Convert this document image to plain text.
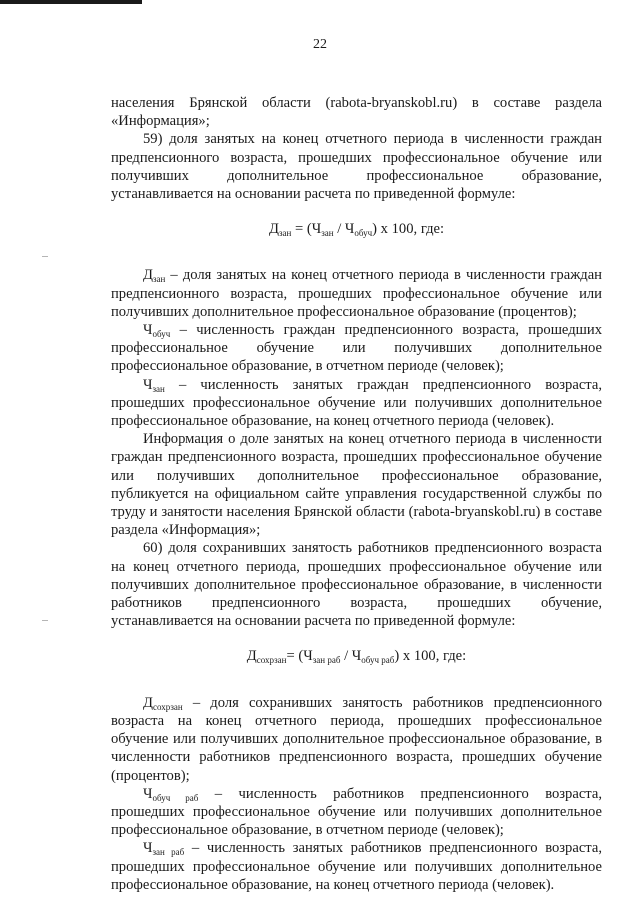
22

населения Брянской области (rabota-bryanskobl.ru) в составе раздела «Информация»;

59) доля занятых на конец отчетного периода в численности граждан предпенсионного возраста, прошедших профессиональное обучение или получивших дополнительное профессиональное образование, устанавливается на основании расчета по приведенной формуле:

$Д_{зан} = (Ч_{зан} / Ч_{обуч})$ x 100, где:

$Д_{зан}$ – доля занятых на конец отчетного периода в численности граждан предпенсионного возраста, прошедших профессиональное обучение или получивших дополнительное профессиональное образование (процентов);

$Ч_{обуч}$ – численность граждан предпенсионного возраста, прошедших профессиональное обучение или получивших дополнительное профессиональное образование, в отчетном периоде (человек);

$Ч_{зан}$ – численность занятых граждан предпенсионного возраста, прошедших профессиональное обучение или получивших дополнительное профессиональное образование, на конец отчетного периода (человек).

Информация о доле занятых на конец отчетного периода в численности граждан предпенсионного возраста, прошедших профессиональное обучение или получивших дополнительное профессиональное образование, публикуется на официальном сайте управления государственной службы по труду и занятости населения Брянской области (rabota-bryanskobl.ru) в составе раздела «Информация»;

60) доля сохранивших занятость работников предпенсионного возраста на конец отчетного периода, прошедших профессиональное обучение или получивших дополнительное профессиональное образование, в численности работников предпенсионного возраста, прошедших обучение, устанавливается на основании расчета по приведенной формуле:

$Д_{сохрзан}= (Ч_{зан раб} / Ч_{обуч раб})$ x 100, где:

$Д_{сохрзан}$ – доля сохранивших занятость работников предпенсионного возраста на конец отчетного периода, прошедших профессиональное обучение или получивших дополнительное профессиональное образование, в численности работников предпенсионного возраста, прошедших обучение (процентов);

$Ч_{обуч раб}$ – численность работников предпенсионного возраста, прошедших профессиональное обучение или получивших дополнительное профессиональное образование, в отчетном периоде (человек);

$Ч_{зан раб}$ – численность занятых работников предпенсионного возраста, прошедших профессиональное обучение или получивших дополнительное профессиональное образование, на конец отчетного периода (человек).
